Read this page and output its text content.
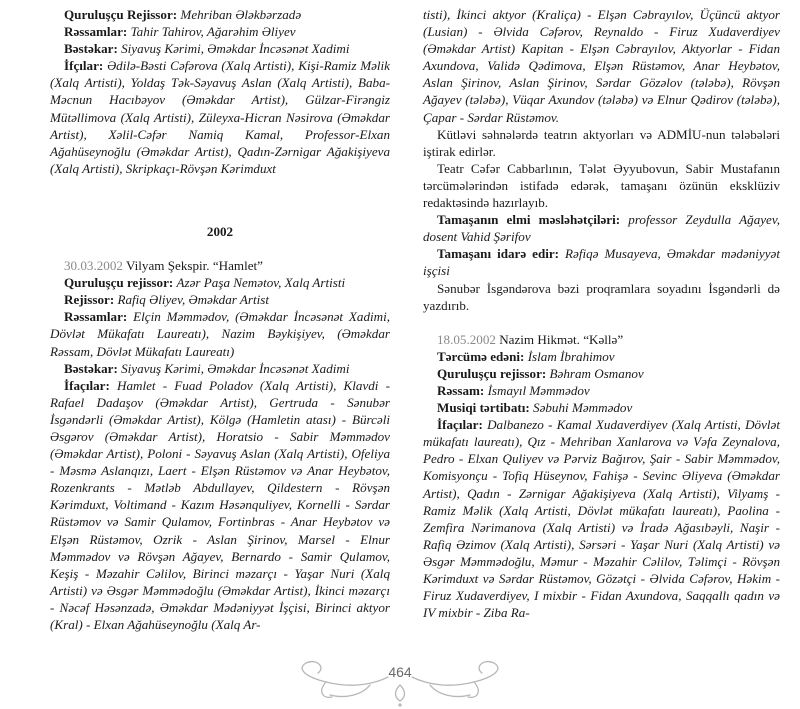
Quruluşçu Rejissor: Mehriban Ələkbərzadə

Rəssamlar: Tahir Tahirov, Ağarəhim Əliyev

Bəstəkar: Siyavuş Kərimi, Əməkdar İncəsənət Xadimi

İfçılar: Ədilə-Bəsti Cəfərova (Xalq Artisti), Kişi-Ramiz Məlik (Xalq Artisti), Yoldaş Tək-Səyavuş Aslan (Xalq Artisti), Baba-Məcnun Hacıbəyov (Əməkdar Artist), Gülzar-Firəngiz Mütəllimova (Xalq Artisti), Züleyxa-Hicran Nəsirova (Əməkdar Artist), Xəlil-Cəfər Namiq Kamal, Professor-Elxan Ağahüseynoğlu (Əməkdar Artist), Qadın-Zərnigar Ağakişiyeva (Xalq Artisti), Skripkaçı-Rövşən Kərimduxt

2002

30.03.2002 Vilyam Şekspir. “Hamlet”

Quruluşçu rejissor: Azər Paşa Nemətov, Xalq Artisti

Rejissor: Rafiq Əliyev, Əməkdar Artist

Rəssamlar: Elçin Məmmədov, (Əməkdar İncəsənət Xadimi, Dövlət Mükafatı Laureatı), Nazim Bəykişiyev, (Əməkdar Rəssam, Dövlət Mükafatı Laureatı)

Bəstəkar: Siyavuş Kərimi, Əməkdar İncəsənət Xadimi

İfaçılar: Hamlet - Fuad Poladov (Xalq Artisti), Klavdi - Rafael Dadaşov (Əməkdar Artist), Gertruda - Sənubər İsgəndərli (Əməkdar Artist), Kölgə (Hamletin atası) - Bürcəli Əsgərov (Əməkdar Artist), Horatsio - Sabir Məmmədov (Əməkdar Artist), Poloni - Səyavuş Aslan (Xalq Artisti), Ofeliya - Məsmə Aslanqızı, Laert - Elşən Rüstəmov və Anar Heybətov, Rozenkrants - Mətləb Abdullayev, Qildestern - Rövşən Kərimduxt, Voltimand - Kazım Həsənquliyev, Kornelli - Sərdar Rüstəmov və Samir Qulamov, Fortinbras - Anar Heybətov və Elşən Rüstəmov, Ozrik - Aslan Şirinov, Marsel - Elnur Məmmədov və Rövşən Ağayev, Bernardo - Samir Qulamov, Keşiş - Məzahir Cəlilov, Birinci məzarçı - Yaşar Nuri (Xalq Artisti) və Əsgər Məmmədoğlu (Əməkdar Artist), İkinci məzarçı - Nəcəf Həsənzadə, Əməkdar Mədəniyyət İşçisi, Birinci aktyor (Kral) - Elxan Ağahüseynoğlu (Xalq Ar-

tisti), İkinci aktyor (Kraliça) - Elşən Cəbrayılov, Üçüncü aktyor (Lusian) - Əlvida Cəfərov, Reynaldo - Firuz Xudaverdiyev (Əməkdar Artist) Kapitan - Elşən Cəbrayılov, Aktyorlar - Fidan Axundova, Validə Qədimova, Elşən Rüstəmov, Anar Heybətov, Aslan Şirinov, Aslan Şirinov, Sərdar Gözəlov (tələbə), Rövşən Ağayev (tələbə), Vüqar Axundov (tələbə) və Elnur Qədirov (tələbə), Çapar - Sərdar Rüstəmov.

Kütləvi səhnələrdə teatrın aktyorları və ADMİU-nun tələbələri iştirak edirlər.

Teatr Cəfər Cabbarlının, Tələt Əyyubovun, Sabir Mustafanın tərcümələrindən istifadə edərək, tamaşanı özünün eksklüziv redaktəsində hazırlayıb.

Tamaşanın elmi məsləhətçiləri: professor Zeydulla Ağayev, dosent Vahid Şərifov

Tamaşanı idarə edir: Rəfiqə Musayeva, Əməkdar mədəniyyət işçisi

Sənubər İsgəndərova bəzi proqramlara soyadını İsgəndərli də yazdırıb.

18.05.2002 Nazim Hikmət. “Kəllə”

Tərcümə edəni: İslam İbrahimov

Quruluşçu rejissor: Bəhram Osmanov

Rəssam: İsmayıl Məmmədov

Musiqi tərtibatı: Səbuhi Məmmədov

İfaçılar: Dalbanezo - Kamal Xudaverdiyev (Xalq Artisti, Dövlət mükafatı laureatı), Qız - Mehriban Xanlarova və Vəfa Zeynalova, Pedro - Elxan Quliyev və Pərviz Bağırov, Şair - Sabir Məmmədov, Komisyonçu - Tofiq Hüseynov, Fahişə - Sevinc Əliyeva (Əməkdar Artist), Qadın - Zərnigar Ağakişiyeva (Xalq Artisti), Vilyamş - Ramiz Məlik (Xalq Artisti, Dövlət mükafatı laureatı), Paolina - Zemfira Nərimanova (Xalq Artisti) və İradə Ağasıbəyli, Naşir - Rafiq Əzimov (Xalq Artisti), Sərsəri - Yaşar Nuri (Xalq Artisti) və Əsgər Məmmədoğlu, Məmur - Məzahir Cəlilov, Təlimçi - Rövşən Kərimduxt və Sərdar Rüstəmov, Gözətçi - Əlvida Cəfərov, Həkim - Firuz Xudaverdiyev, I mixbir - Fidan Axundova, Saqqallı qadın və IV mixbir - Ziba Ra-

464
